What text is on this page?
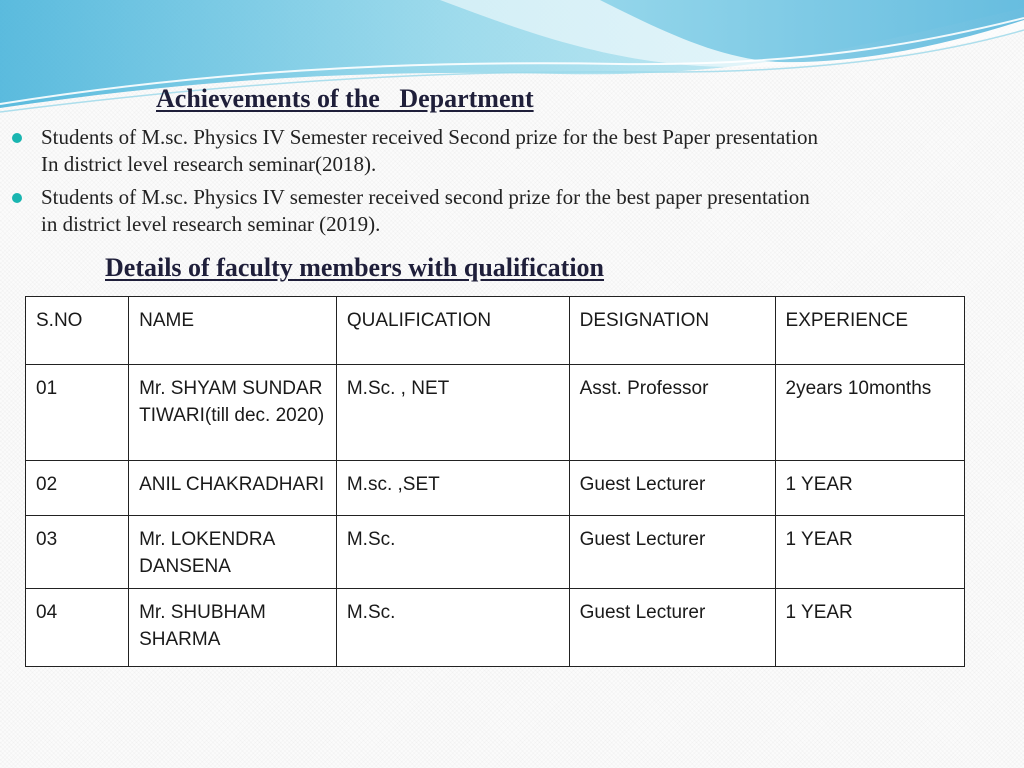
Achievements of the   Department
Students of M.sc. Physics IV Semester received Second prize for the best Paper presentation In district level research seminar(2018).
Students of M.sc. Physics IV semester received second prize for the best paper presentation in district level research seminar (2019).
Details of faculty members with qualification
S.NO	NAME	QUALIFICATION	DESIGNATION	EXPERIENCE
01	Mr. SHYAM SUNDAR TIWARI(till dec. 2020)	M.Sc. , NET	Asst. Professor	2years 10months
02	ANIL CHAKRADHARI	M.sc. ,SET	Guest Lecturer	1 YEAR
03	Mr. LOKENDRA DANSENA	M.Sc.	Guest Lecturer	1 YEAR
04	Mr. SHUBHAM SHARMA	M.Sc.	Guest Lecturer	1 YEAR
